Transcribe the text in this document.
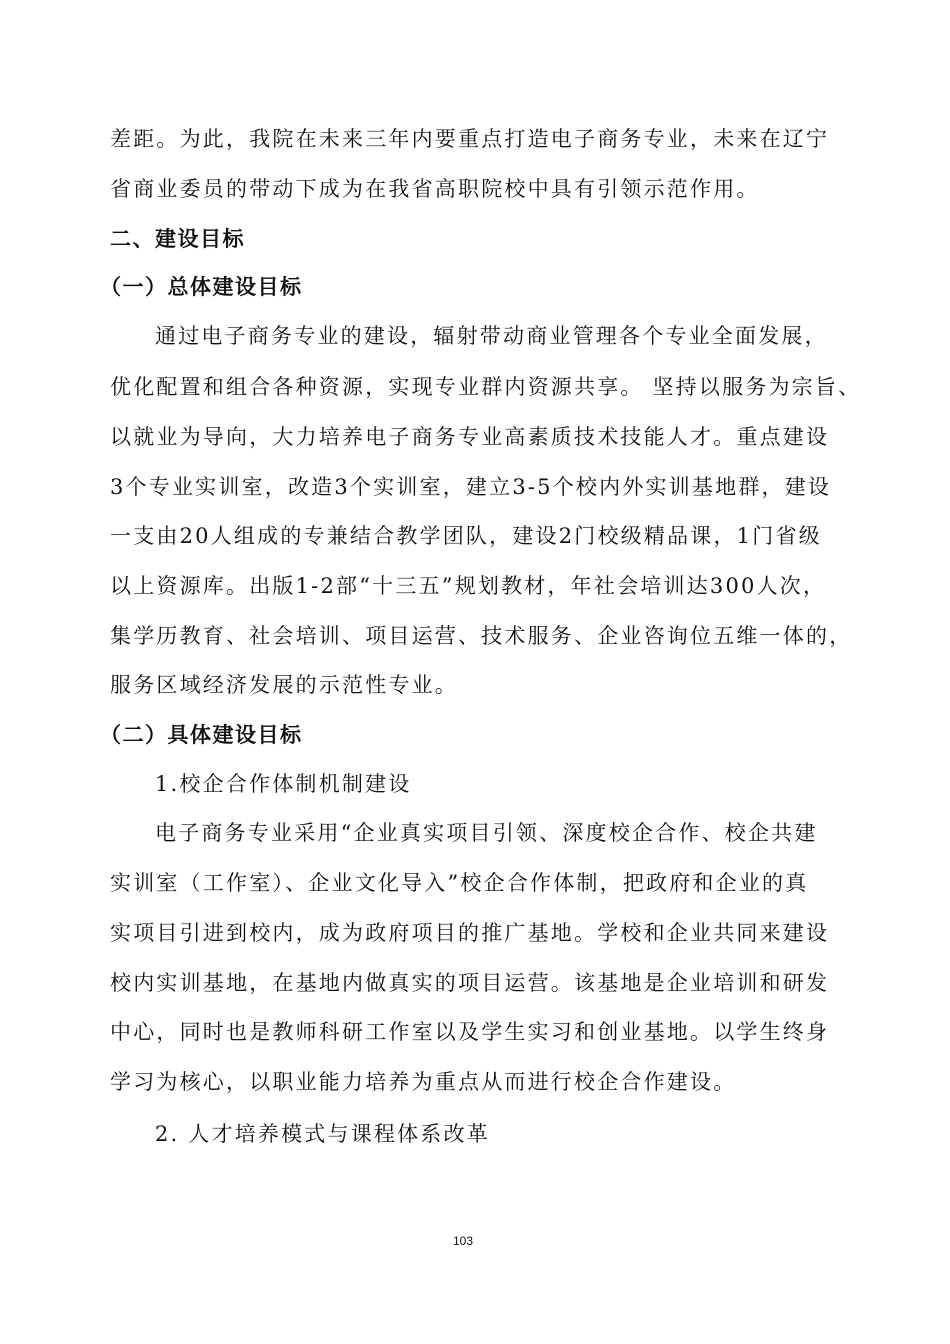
差距。为此，我院在未来三年内要重点打造电子商务专业，未来在辽宁
省商业委员的带动下成为在我省高职院校中具有引领示范作用。
二、建设目标
（一）总体建设目标
通过电子商务专业的建设，辐射带动商业管理各个专业全面发展，
优化配置和组合各种资源，实现专业群内资源共享。 坚持以服务为宗旨、
以就业为导向，大力培养电子商务专业高素质技术技能人才。重点建设
3个专业实训室，改造3个实训室，建立3-5个校内外实训基地群，建设
一支由20人组成的专兼结合教学团队，建设2门校级精品课，1门省级
以上资源库。出版1-2部“十三五”规划教材，年社会培训达300人次，
集学历教育、社会培训、项目运营、技术服务、企业咨询位五维一体的，
服务区域经济发展的示范性专业。
（二）具体建设目标
1.校企合作体制机制建设
电子商务专业采用“企业真实项目引领、深度校企合作、校企共建
实训室（工作室）、企业文化导入”校企合作体制，把政府和企业的真
实项目引进到校内，成为政府项目的推广基地。学校和企业共同来建设
校内实训基地，在基地内做真实的项目运营。该基地是企业培训和研发
中心，同时也是教师科研工作室以及学生实习和创业基地。以学生终身
学习为核心，以职业能力培养为重点从而进行校企合作建设。
2. 人才培养模式与课程体系改革
103
